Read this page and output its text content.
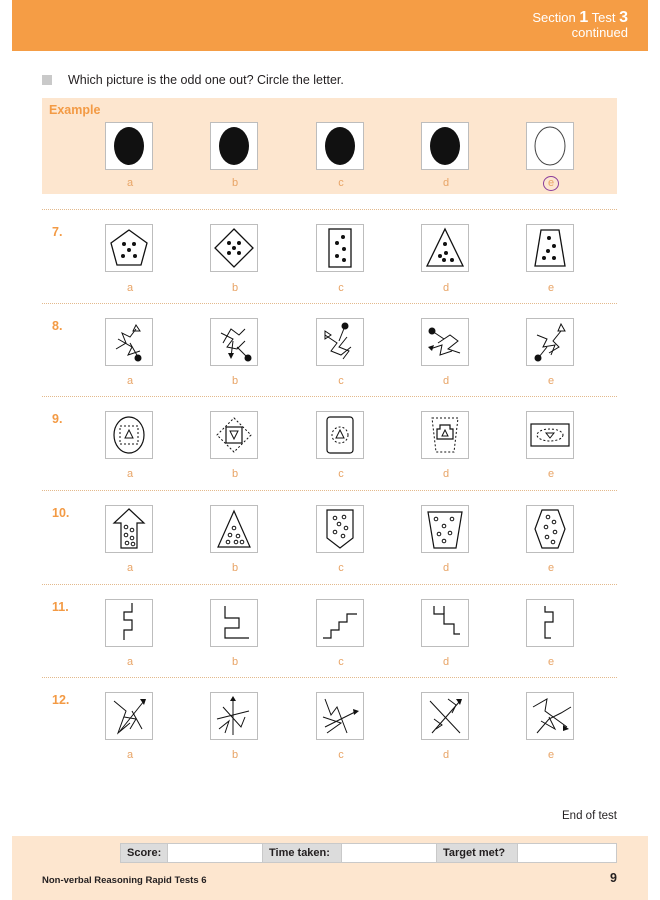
Section 1 Test 3
continued
Which picture is the odd one out? Circle the letter.
Example
a	b	c	d	e
7.
a	b	c	d	e
8.
a	b	c	d	e
9.
a	b	c	d	e
10.
a	b	c	d	e
11.
a	b	c	d	e
12.
a	b	c	d	e
End of test
Score:	Time taken:	Target met?
Non-verbal Reasoning Rapid Tests 6	9
